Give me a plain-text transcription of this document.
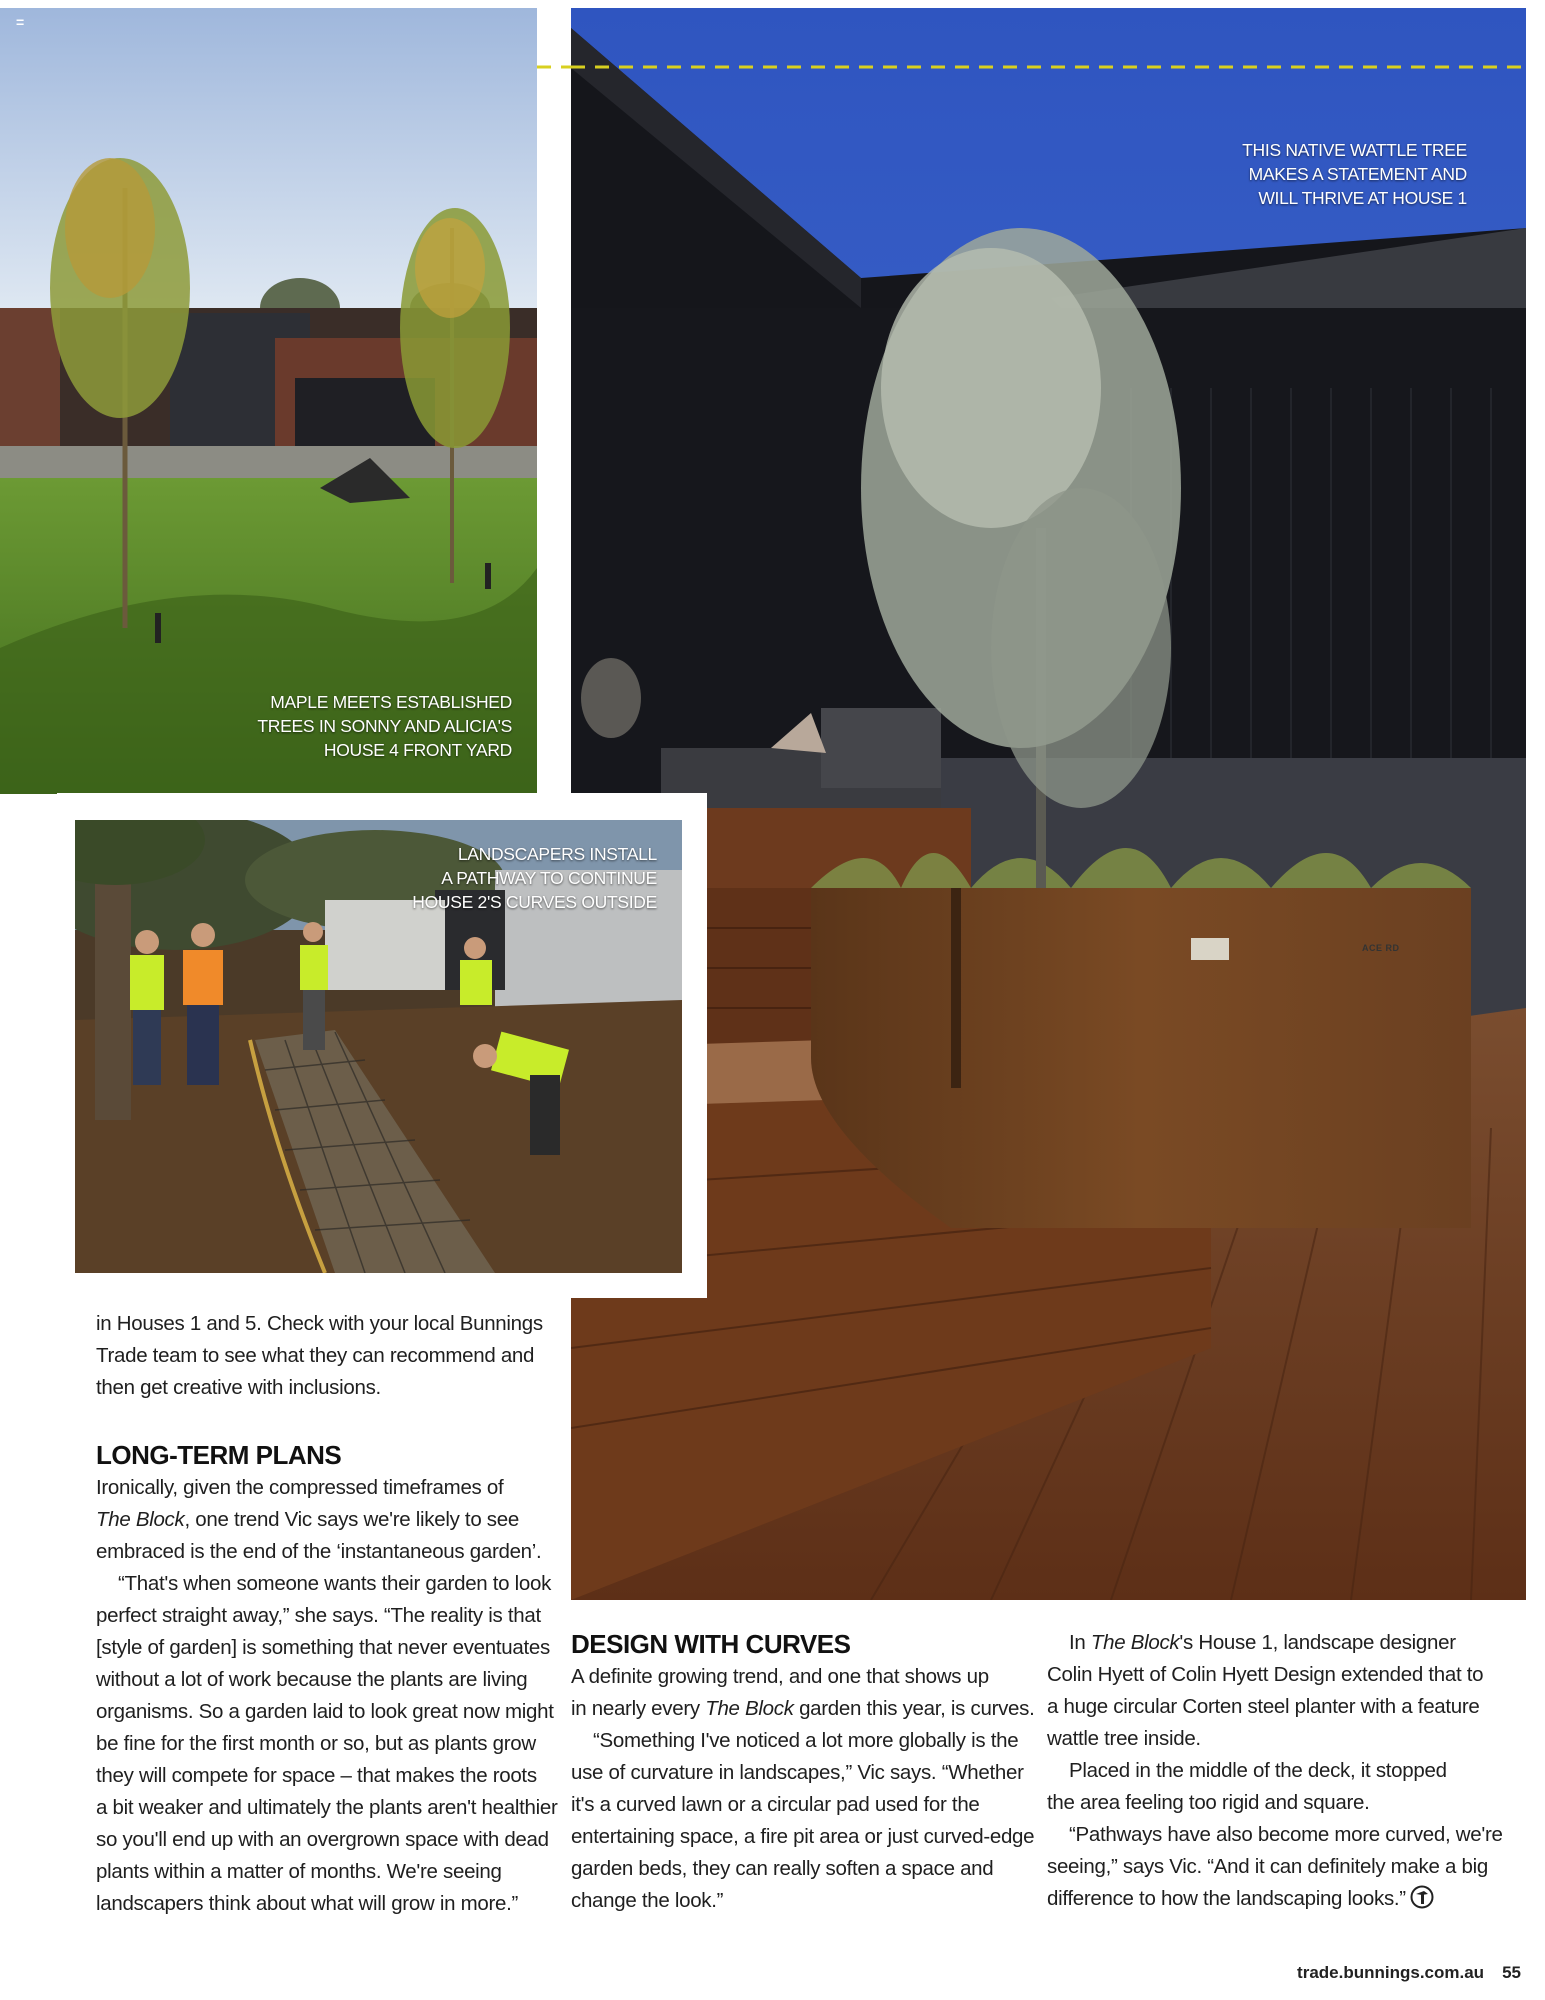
=
MAPLE MEETS ESTABLISHED
TREES IN SONNY AND ALICIA'S
HOUSE 4 FRONT YARD
LANDSCAPERS INSTALL
A PATHWAY TO CONTINUE
HOUSE 2'S CURVES OUTSIDE
THIS NATIVE WATTLE TREE
MAKES A STATEMENT AND
WILL THRIVE AT HOUSE 1
ACE RD

in Houses 1 and 5. Check with your local Bunnings
Trade team to see what they can recommend and
then get creative with inclusions.

LONG-TERM PLANS

Ironically, given the compressed timeframes of
The Block, one trend Vic says we're likely to see
embraced is the end of the ‘instantaneous garden’.

“That's when someone wants their garden to look
perfect straight away,” she says. “The reality is that
[style of garden] is something that never eventuates
without a lot of work because the plants are living
organisms. So a garden laid to look great now might
be fine for the first month or so, but as plants grow
they will compete for space – that makes the roots
a bit weaker and ultimately the plants aren't healthier
so you'll end up with an overgrown space with dead
plants within a matter of months. We're seeing
landscapers think about what will grow in more.”

DESIGN WITH CURVES

A definite growing trend, and one that shows up
in nearly every The Block garden this year, is curves.

“Something I've noticed a lot more globally is the
use of curvature in landscapes,” Vic says. “Whether
it's a curved lawn or a circular pad used for the
entertaining space, a fire pit area or just curved-edge
garden beds, they can really soften a space and
change the look.”

In The Block's House 1, landscape designer
Colin Hyett of Colin Hyett Design extended that to
a huge circular Corten steel planter with a feature
wattle tree inside.

Placed in the middle of the deck, it stopped
the area feeling too rigid and square.

“Pathways have also become more curved, we're
seeing,” says Vic. “And it can definitely make a big
difference to how the landscaping looks.”

trade.bunnings.com.au 55
